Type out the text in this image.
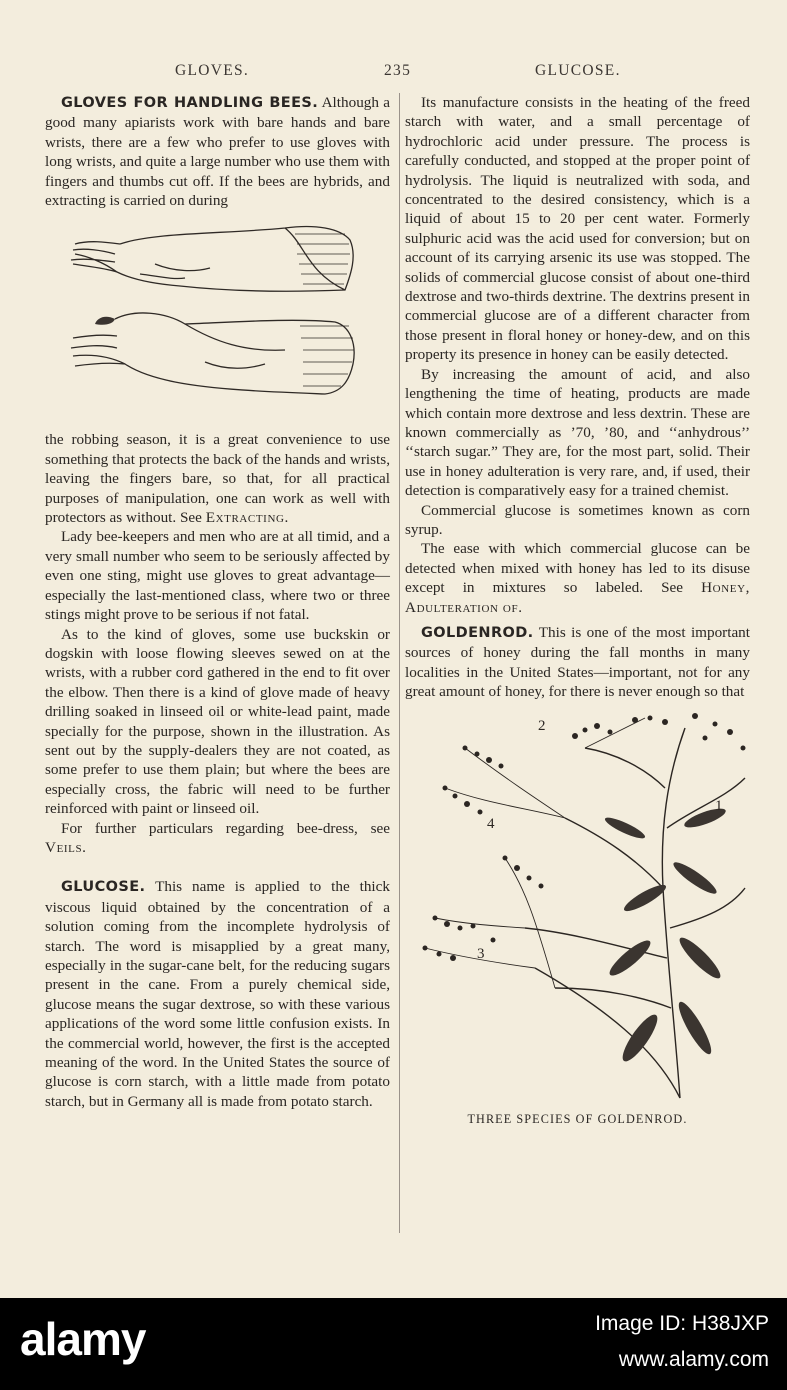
GLOVES.	235	GLUCOSE.

GLOVES FOR HANDLING BEES. Although a good many apiarists work with bare hands and bare wrists, there are a few who prefer to use gloves with long wrists, and quite a large number who use them with fingers and thumbs cut off. If the bees are hybrids, and extracting is carried on during

the robbing season, it is a great convenience to use something that protects the back of the hands and wrists, leaving the fingers bare, so that, for all practical purposes of manipulation, one can work as well with protectors as without. See Extracting.

Lady bee-keepers and men who are at all timid, and a very small number who seem to be seriously affected by even one sting, might use gloves to great advantage—especially the last-mentioned class, where two or three stings might prove to be serious if not fatal.

As to the kind of gloves, some use buckskin or dogskin with loose flowing sleeves sewed on at the wrists, with a rubber cord gathered in the end to fit over the elbow. Then there is a kind of glove made of heavy drilling soaked in linseed oil or white-lead paint, made specially for the purpose, shown in the illustration. As sent out by the supply-dealers they are not coated, as some prefer to use them plain; but where the bees are especially cross, the fabric will need to be further reinforced with paint or linseed oil.

For further particulars regarding bee-dress, see Veils.

GLUCOSE. This name is applied to the thick viscous liquid obtained by the concentration of a solution coming from the incomplete hydrolysis of starch. The word is misapplied by a great many, especially in the sugar-cane belt, for the reducing sugars present in the cane. From a purely chemical side, glucose means the sugar dextrose, so with these various applications of the word some little confusion exists. In the commercial world, however, the first is the accepted meaning of the word. In the United States the source of glucose is corn starch, with a little made from potato starch, but in Germany all is made from potato starch.

Its manufacture consists in the heating of the freed starch with water, and a small percentage of hydrochloric acid under pressure. The process is carefully conducted, and stopped at the proper point of hydrolysis. The liquid is neutralized with soda, and concentrated to the desired consistency, which is a liquid of about 15 to 20 per cent water. Formerly sulphuric acid was the acid used for conversion; but on account of its carrying arsenic its use was stopped. The solids of commercial glucose consist of about one-third dextrose and two-thirds dextrine. The dextrins present in commercial glucose are of a different character from those present in floral honey or honey-dew, and on this property its presence in honey can be easily detected.

By increasing the amount of acid, and also lengthening the time of heating, products are made which contain more dextrose and less dextrin. These are known commercially as ’70, ’80, and ‘‘anhydrous’’ ‘‘starch sugar.” They are, for the most part, solid. Their use in honey adulteration is very rare, and, if used, their detection is comparatively easy for a trained chemist.

Commercial glucose is sometimes known as corn syrup.

The ease with which commercial glucose can be detected when mixed with honey has led to its disuse except in mixtures so labeled. See Honey, Adulteration of.

GOLDENROD. This is one of the most important sources of honey during the fall months in many localities in the United States—important, not for any great amount of honey, for there is never enough so that

2
4
1
3
THREE SPECIES OF GOLDENROD.
alamy	Image ID: H38JXP
www.alamy.com
